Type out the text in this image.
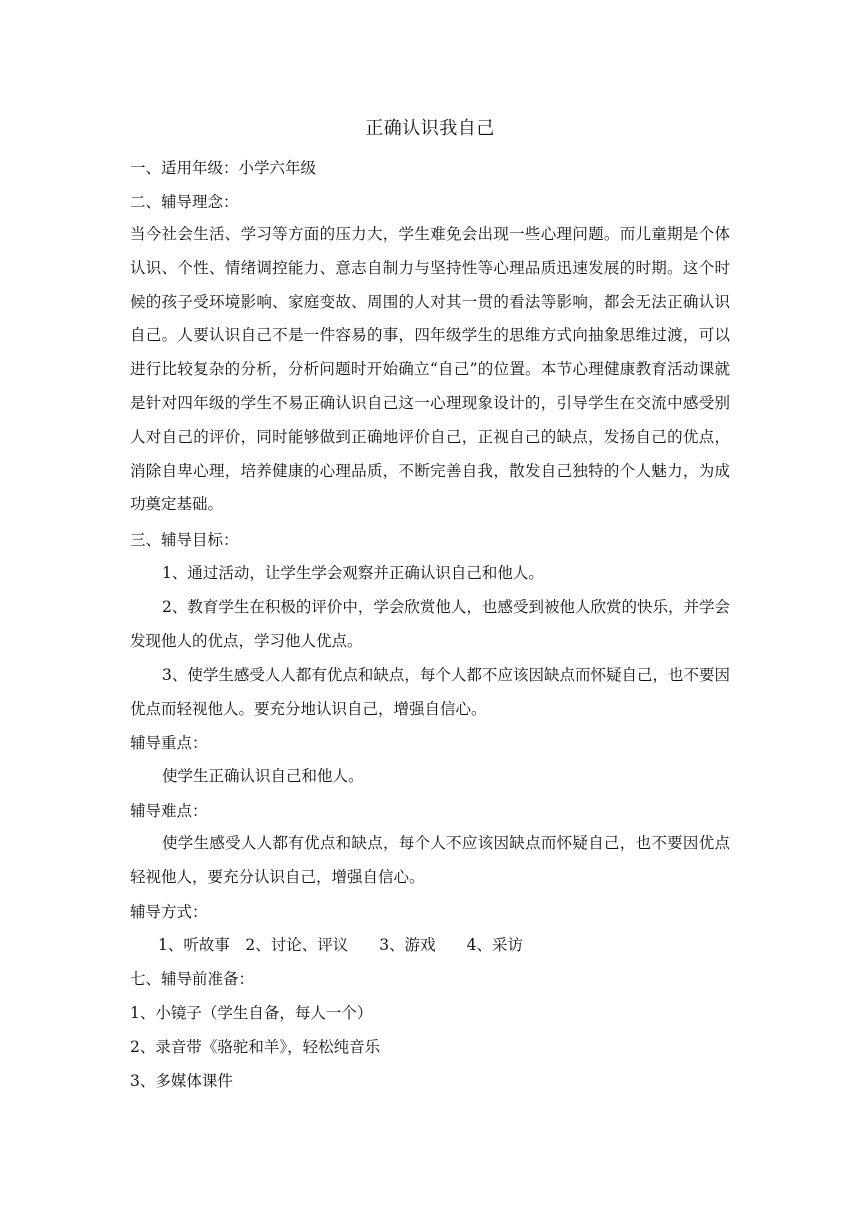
正确认识我自己
一、适用年级：小学六年级
二、辅导理念：
当今社会生活、学习等方面的压力大，学生难免会出现一些心理问题。而儿童期是个体认识、个性、情绪调控能力、意志自制力与坚持性等心理品质迅速发展的时期。这个时候的孩子受环境影响、家庭变故、周围的人对其一贯的看法等影响，都会无法正确认识自己。人要认识自己不是一件容易的事，四年级学生的思维方式向抽象思维过渡，可以进行比较复杂的分析，分析问题时开始确立“自己”的位置。本节心理健康教育活动课就是针对四年级的学生不易正确认识自己这一心理现象设计的，引导学生在交流中感受别人对自己的评价，同时能够做到正确地评价自己，正视自己的缺点，发扬自己的优点，消除自卑心理，培养健康的心理品质，不断完善自我，散发自己独特的个人魅力，为成功奠定基础。
三、辅导目标：
1、通过活动，让学生学会观察并正确认识自己和他人。
2、教育学生在积极的评价中，学会欣赏他人，也感受到被他人欣赏的快乐，并学会发现他人的优点，学习他人优点。
3、使学生感受人人都有优点和缺点，每个人都不应该因缺点而怀疑自己，也不要因优点而轻视他人。要充分地认识自己，增强自信心。
辅导重点：
使学生正确认识自己和他人。
辅导难点：
使学生感受人人都有优点和缺点，每个人不应该因缺点而怀疑自己，也不要因优点轻视他人，要充分认识自己，增强自信心。
辅导方式：
1、听故事　2、讨论、评议　　3、游戏　　4、采访
七、辅导前准备：
1、小镜子（学生自备，每人一个）
2、录音带《骆驼和羊》，轻松纯音乐
3、多媒体课件
